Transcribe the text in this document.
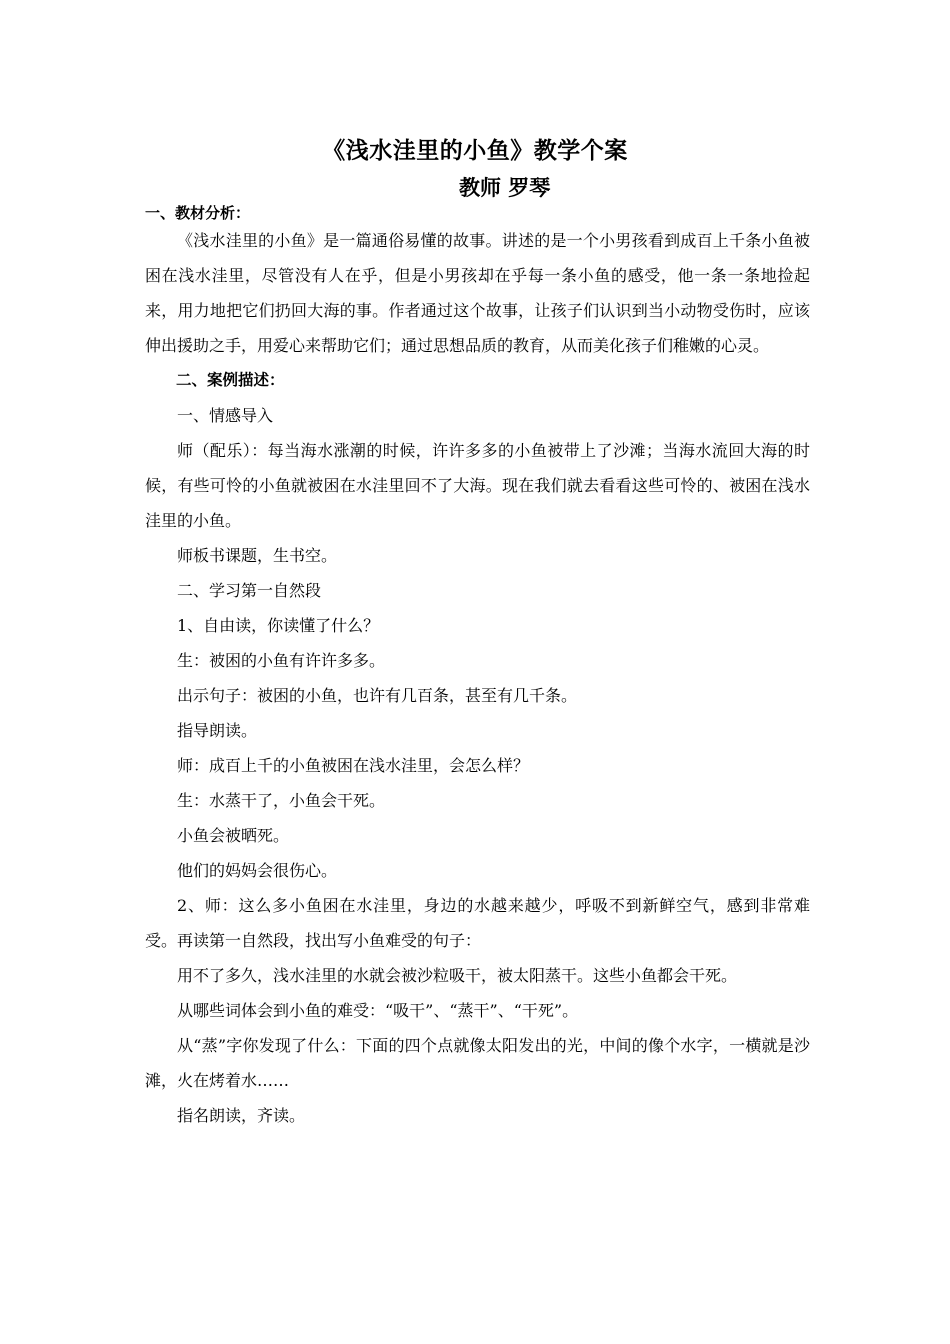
《浅水洼里的小鱼》教学个案
教师 罗琴
一、教材分析：

《浅水洼里的小鱼》是一篇通俗易懂的故事。讲述的是一个小男孩看到成百上千条小鱼被困在浅水洼里，尽管没有人在乎，但是小男孩却在乎每一条小鱼的感受，他一条一条地捡起来，用力地把它们扔回大海的事。作者通过这个故事，让孩子们认识到当小动物受伤时，应该伸出援助之手，用爱心来帮助它们；通过思想品质的教育，从而美化孩子们稚嫩的心灵。

二、案例描述：

一、情感导入

师（配乐）：每当海水涨潮的时候，许许多多的小鱼被带上了沙滩；当海水流回大海的时候，有些可怜的小鱼就被困在水洼里回不了大海。现在我们就去看看这些可怜的、被困在浅水洼里的小鱼。

师板书课题，生书空。

二、学习第一自然段

1、自由读，你读懂了什么？

生：被困的小鱼有许许多多。

出示句子：被困的小鱼，也许有几百条，甚至有几千条。

指导朗读。

师：成百上千的小鱼被困在浅水洼里，会怎么样？

生：水蒸干了，小鱼会干死。

小鱼会被晒死。

他们的妈妈会很伤心。

2、师：这么多小鱼困在水洼里，身边的水越来越少，呼吸不到新鲜空气，感到非常难受。再读第一自然段，找出写小鱼难受的句子：

用不了多久，浅水洼里的水就会被沙粒吸干，被太阳蒸干。这些小鱼都会干死。

从哪些词体会到小鱼的难受：“吸干”、“蒸干”、“干死”。

从“蒸”字你发现了什么：下面的四个点就像太阳发出的光，中间的像个水字，一横就是沙滩，火在烤着水……

指名朗读，齐读。
